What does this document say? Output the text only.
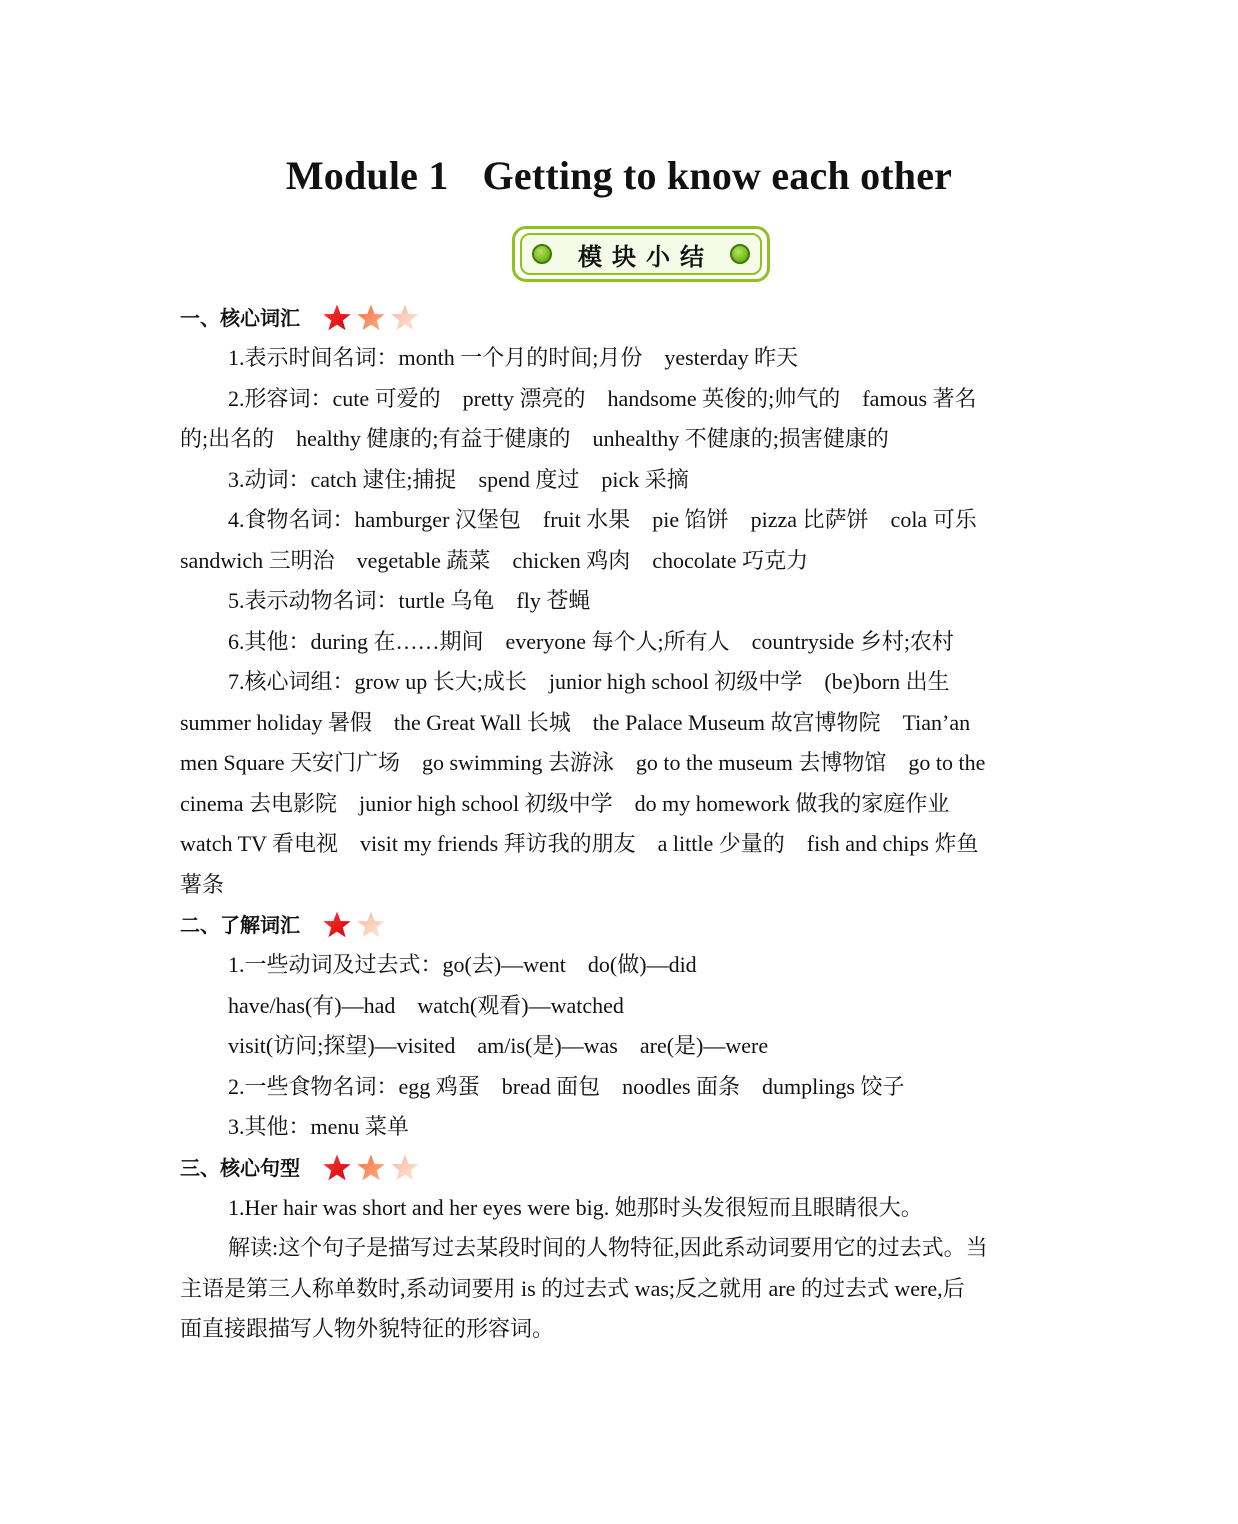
Module 1 Getting to know each other
模块小结
一、核心词汇
1.表示时间名词：month 一个月的时间;月份　yesterday 昨天
2.形容词：cute 可爱的　pretty 漂亮的　handsome 英俊的;帅气的　famous 著名
的;出名的　healthy 健康的;有益于健康的　unhealthy 不健康的;损害健康的
3.动词：catch 逮住;捕捉　spend 度过　pick 采摘
4.食物名词：hamburger 汉堡包　fruit 水果　pie 馅饼　pizza 比萨饼　cola 可乐
sandwich 三明治　vegetable 蔬菜　chicken 鸡肉　chocolate 巧克力
5.表示动物名词：turtle 乌龟　fly 苍蝇
6.其他：during 在……期间　everyone 每个人;所有人　countryside 乡村;农村
7.核心词组：grow up 长大;成长　junior high school 初级中学　(be)born 出生
summer holiday 暑假　the Great Wall 长城　the Palace Museum 故宫博物院　Tian’an
men Square 天安门广场　go swimming 去游泳　go to the museum 去博物馆　go to the
cinema 去电影院　junior high school 初级中学　do my homework 做我的家庭作业
watch TV 看电视　visit my friends 拜访我的朋友　a little 少量的　fish and chips 炸鱼
薯条
二、了解词汇
1.一些动词及过去式：go(去)—went　do(做)—did
have/has(有)—had　watch(观看)—watched
visit(访问;探望)—visited　am/is(是)—was　are(是)—were
2.一些食物名词：egg 鸡蛋　bread 面包　noodles 面条　dumplings 饺子
3.其他：menu 菜单
三、核心句型
1.Her hair was short and her eyes were big. 她那时头发很短而且眼睛很大。
解读:这个句子是描写过去某段时间的人物特征,因此系动词要用它的过去式。当
主语是第三人称单数时,系动词要用 is 的过去式 was;反之就用 are 的过去式 were,后
面直接跟描写人物外貌特征的形容词。
